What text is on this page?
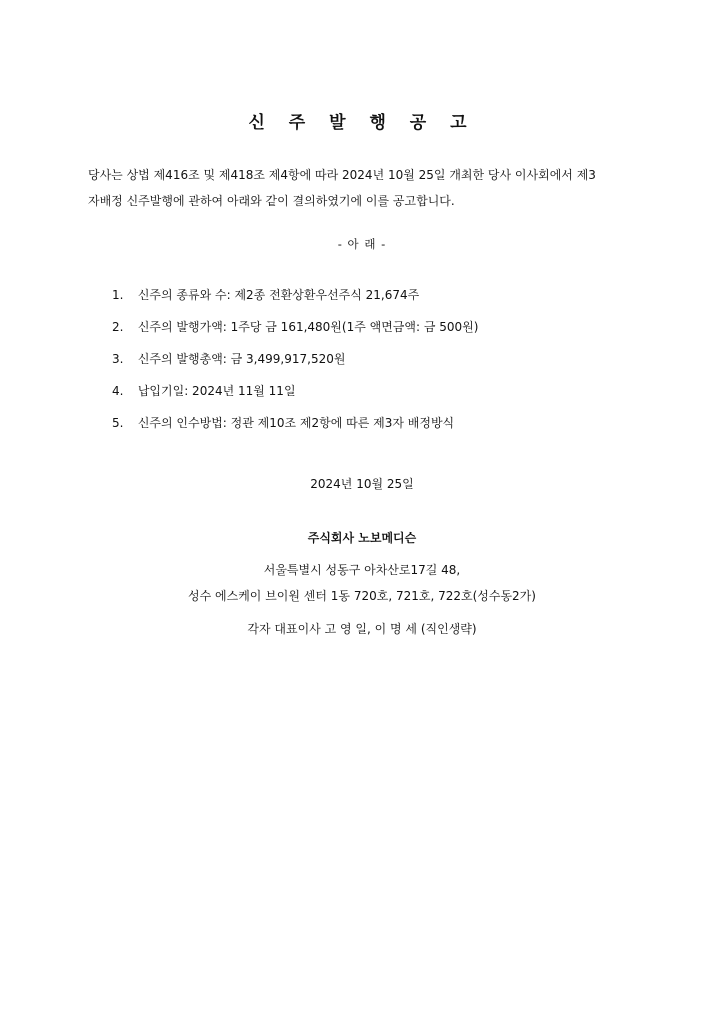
신 주 발 행 공 고
당사는 상법 제416조 및 제418조 제4항에 따라 2024년 10월 25일 개최한 당사 이사회에서 제3
자배정 신주발행에 관하여 아래와 같이 결의하였기에 이를 공고합니다.
- 아 래 -
1. 신주의 종류와 수: 제2종 전환상환우선주식 21,674주
2. 신주의 발행가액: 1주당 금 161,480원(1주 액면금액: 금 500원)
3. 신주의 발행총액: 금 3,499,917,520원
4. 납입기일: 2024년 11월 11일
5. 신주의 인수방법: 정관 제10조 제2항에 따른 제3자 배정방식
2024년 10월 25일
주식회사 노보메디슨
서울특별시 성동구 아차산로17길 48,
성수 에스케이 브이원 센터 1동 720호, 721호, 722호(성수동2가)
각자 대표이사 고 영 일, 이 명 세 (직인생략)
